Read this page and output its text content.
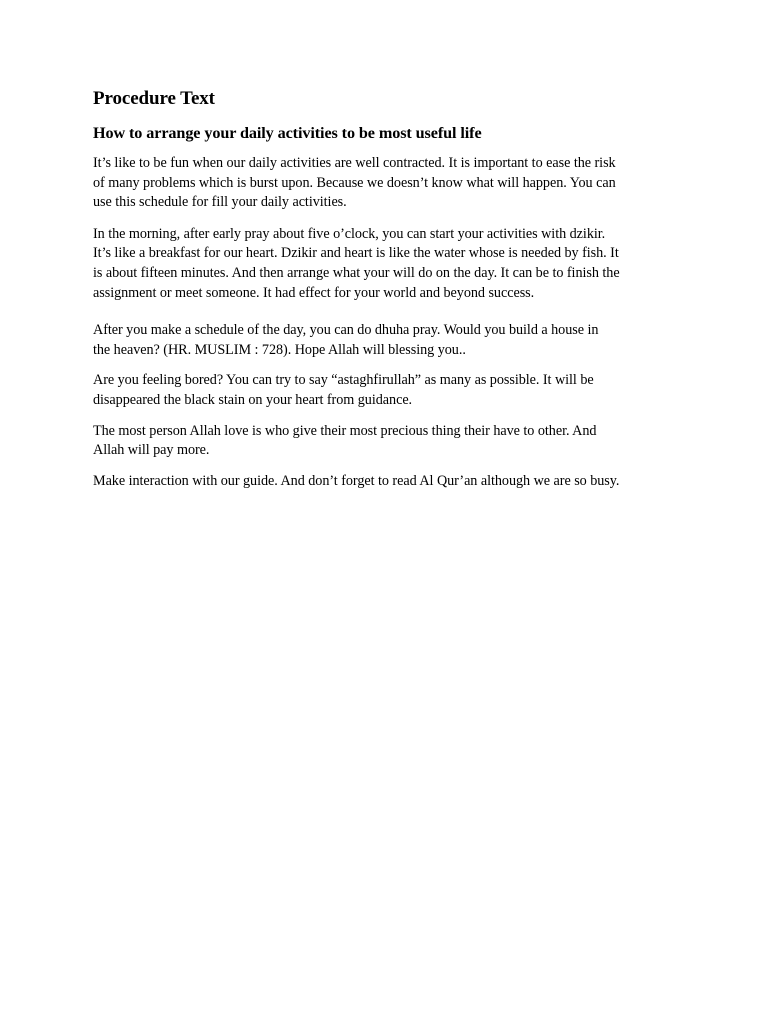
Procedure Text
How to arrange your daily activities to be most useful life

It’s like to be fun when our daily activities are well contracted. It is important to ease the risk
of many problems which is burst upon. Because we doesn’t know what will happen. You can
use this schedule for fill your daily activities.

In the morning, after early pray about five o’clock, you can start your activities with dzikir.
It’s like a breakfast for our heart. Dzikir and heart is like the water whose is needed by fish. It
is about fifteen minutes. And then arrange what your will do on the day. It can be to finish the
assignment or meet someone. It had effect for your world and beyond success.

After you make a schedule of the day, you can do dhuha pray. Would you build a house in
the heaven? (HR. MUSLIM : 728). Hope Allah will blessing you..

Are you feeling bored? You can try to say “astaghfirullah” as many as possible. It will be
disappeared the black stain on your heart from guidance.

The most person Allah love is who give their most precious thing their have to other. And
Allah will pay more.

Make interaction with our guide. And don’t forget to read Al Qur’an although we are so busy.
